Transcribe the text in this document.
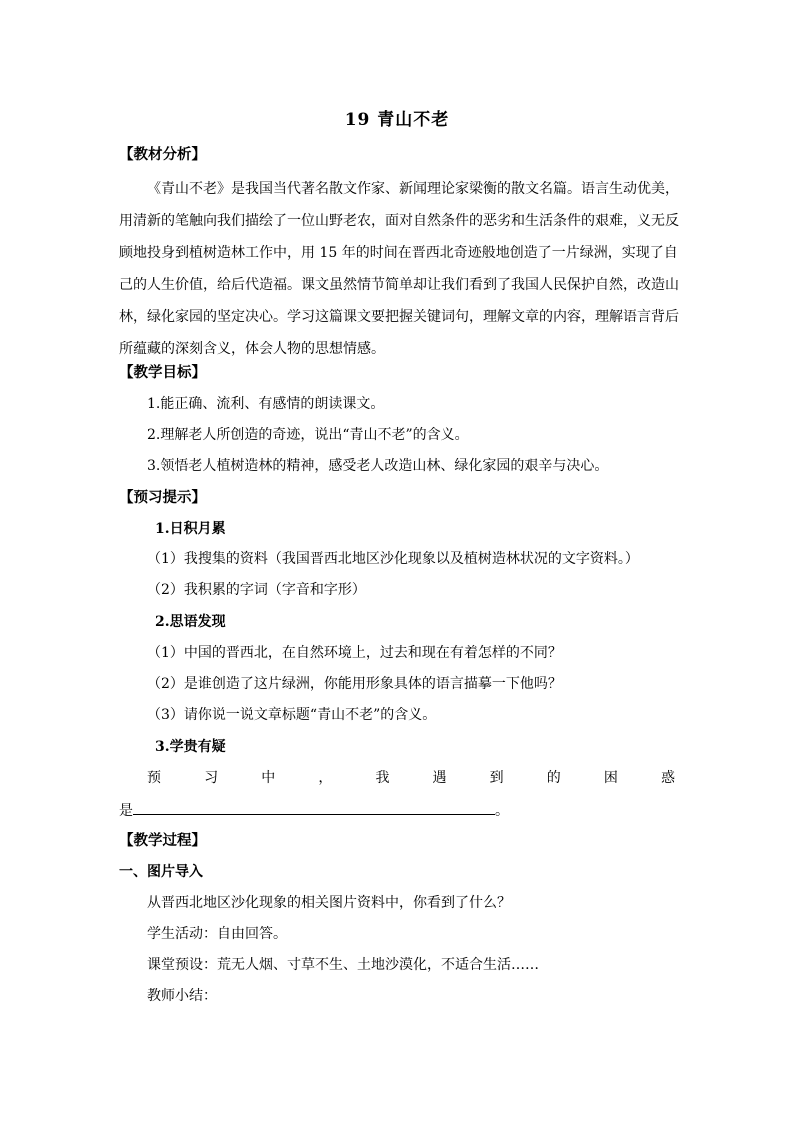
19 青山不老
【教材分析】
《青山不老》是我国当代著名散文作家、新闻理论家梁衡的散文名篇。语言生动优美，
用清新的笔触向我们描绘了一位山野老农，面对自然条件的恶劣和生活条件的艰难，义无反
顾地投身到植树造林工作中，用 15 年的时间在晋西北奇迹般地创造了一片绿洲，实现了自
己的人生价值，给后代造福。课文虽然情节简单却让我们看到了我国人民保护自然，改造山
林，绿化家园的坚定决心。学习这篇课文要把握关键词句，理解文章的内容，理解语言背后
所蕴藏的深刻含义，体会人物的思想情感。
【教学目标】
1.能正确、流利、有感情的朗读课文。
2.理解老人所创造的奇迹，说出“青山不老”的含义。
3.领悟老人植树造林的精神，感受老人改造山林、绿化家园的艰辛与决心。
【预习提示】
1.日积月累
（1）我搜集的资料（我国晋西北地区沙化现象以及植树造林状况的文字资料。）
（2）我积累的字词（字音和字形）
2.思语发现
（1）中国的晋西北，在自然环境上，过去和现在有着怎样的不同？
（2）是谁创造了这片绿洲，你能用形象具体的语言描摹一下他吗？
（3）请你说一说文章标题“青山不老”的含义。
3.学贵有疑
预	习	中	，	我	遇	到	的	困	惑
是	。
【教学过程】
一、图片导入
从晋西北地区沙化现象的相关图片资料中，你看到了什么？
学生活动：自由回答。
课堂预设：荒无人烟、寸草不生、土地沙漠化，不适合生活……
教师小结：
